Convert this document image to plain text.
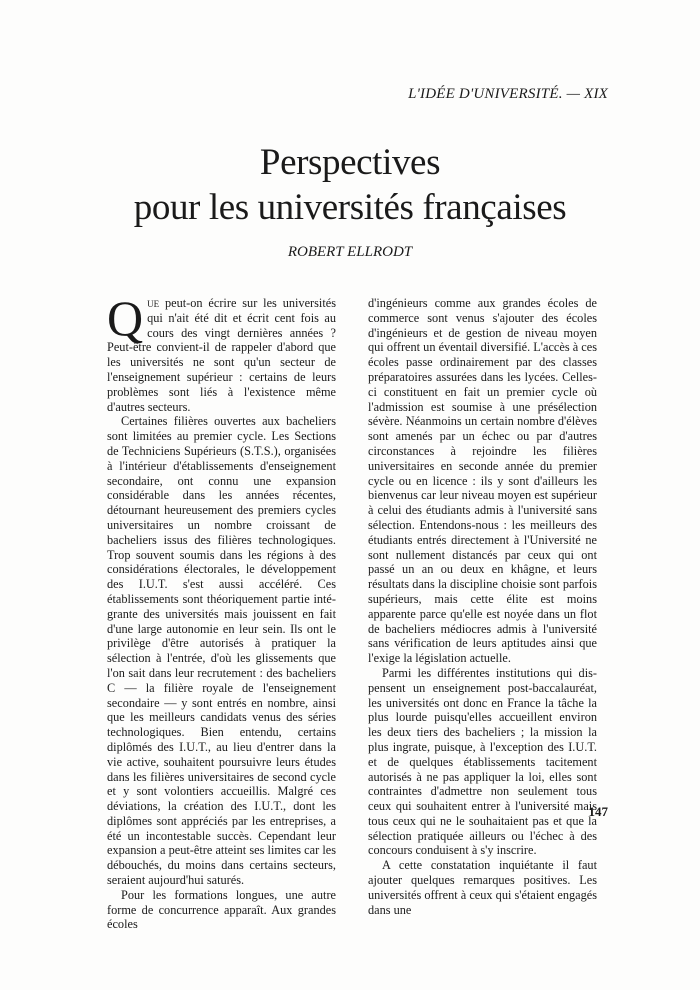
L'IDÉE D'UNIVERSITÉ. — XIX
Perspectives
pour les universités françaises
ROBERT ELLRODT

Que peut-on écrire sur les universités qui n'ait été dit et écrit cent fois au cours des vingt dernières années ? Peut-être convient-il de rappeler d'abord que les universités ne sont qu'un secteur de l'enseignement supérieur : certains de leurs problèmes sont liés à l'existence même d'autres secteurs.

Certaines filières ouvertes aux bacheliers sont limitées au premier cycle. Les Sections de Techniciens Supérieurs (S.T.S.), organisées à l'intérieur d'établissements d'enseignement secondaire, ont connu une expansion considérable dans les années récentes, détournant heureusement des premiers cycles universitaires un nombre croissant de bacheliers issus des filières technologiques. Trop souvent soumis dans les régions à des considérations électorales, le développement des I.U.T. s'est aussi accéléré. Ces établissements sont théoriquement partie intégrante des universités mais jouissent en fait d'une large autonomie en leur sein. Ils ont le privilège d'être autorisés à pratiquer la sélection à l'entrée, d'où les glissements que l'on sait dans leur recrutement : des bacheliers C — la filière royale de l'enseignement secondaire — y sont entrés en nombre, ainsi que les meilleurs candidats venus des séries technologiques. Bien entendu, certains diplômés des I.U.T., au lieu d'entrer dans la vie active, souhaitent poursuivre leurs études dans les filières universitaires de second cycle et y sont volontiers accueillis. Malgré ces déviations, la création des I.U.T., dont les diplômes sont appréciés par les entreprises, a été un incontestable succès. Cependant leur expansion a peut-être atteint ses limites car les débouchés, du moins dans certains secteurs, seraient aujourd'hui saturés.

Pour les formations longues, une autre forme de concurrence apparaît. Aux grandes écoles

d'ingénieurs comme aux grandes écoles de commerce sont venus s'ajouter des écoles d'ingénieurs et de gestion de niveau moyen qui offrent un éventail diversifié. L'accès à ces écoles passe ordinairement par des classes préparatoires assurées dans les lycées. Celles-ci constituent en fait un premier cycle où l'admission est soumise à une présélection sévère. Néanmoins un certain nombre d'élèves sont amenés par un échec ou par d'autres circonstances à rejoindre les filières universitaires en seconde année du premier cycle ou en licence : ils y sont d'ailleurs les bienvenus car leur niveau moyen est supérieur à celui des étudiants admis à l'université sans sélection. Entendons-nous : les meilleurs des étudiants entrés directement à l'Université ne sont nullement distancés par ceux qui ont passé un an ou deux en khâgne, et leurs résultats dans la discipline choisie sont parfois supérieurs, mais cette élite est moins apparente parce qu'elle est noyée dans un flot de bacheliers médiocres admis à l'université sans vérification de leurs aptitudes ainsi que l'exige la législation actuelle.

Parmi les différentes institutions qui dispensent un enseignement post-baccalauréat, les universités ont donc en France la tâche la plus lourde puisqu'elles accueillent environ les deux tiers des bacheliers ; la mission la plus ingrate, puisque, à l'exception des I.U.T. et de quelques établissements tacitement autorisés à ne pas appliquer la loi, elles sont contraintes d'admettre non seulement tous ceux qui souhaitent entrer à l'université mais tous ceux qui ne le souhaitaient pas et que la sélection pratiquée ailleurs ou l'échec à des concours conduisent à s'y inscrire.

A cette constatation inquiétante il faut ajouter quelques remarques positives. Les universités offrent à ceux qui s'étaient engagés dans une

147
